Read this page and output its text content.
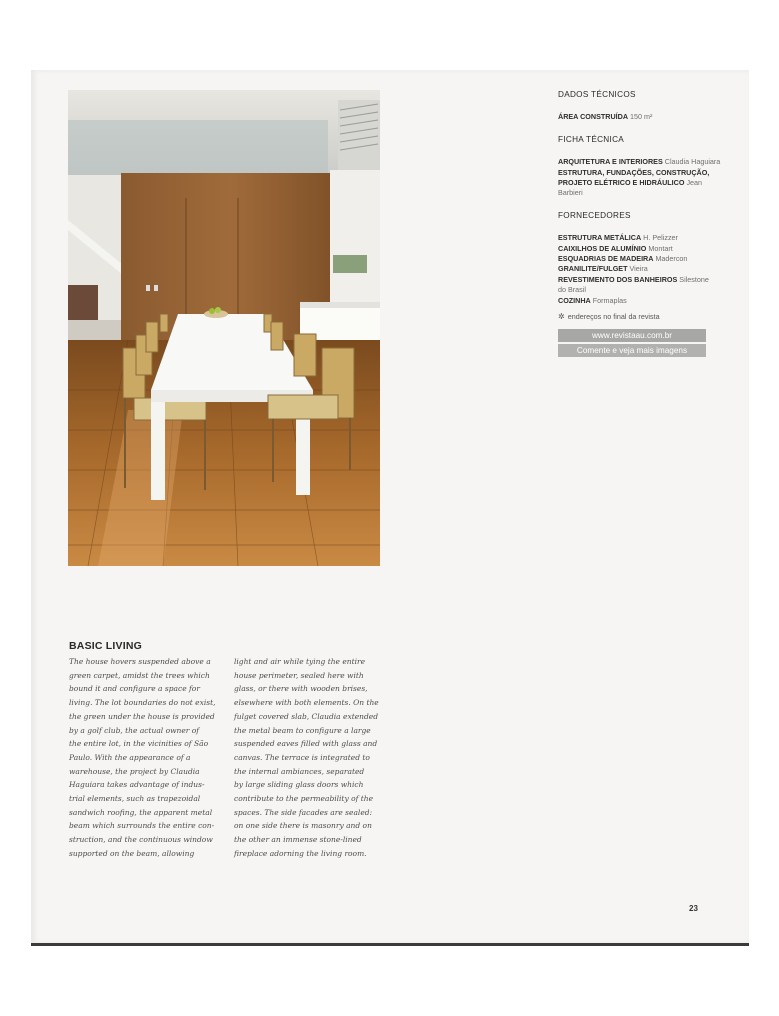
DADOS TÉCNICOS
ÁREA CONSTRUÍDA 150 m²
FICHA TÉCNICA
ARQUITETURA E INTERIORES Claudia Haguiara
ESTRUTURA, FUNDAÇÕES, CONSTRUÇÃO,
PROJETO ELÉTRICO E HIDRÁULICO Jean
Barbieri
FORNECEDORES
ESTRUTURA METÁLICA H. Pelizzer
CAIXILHOS DE ALUMÍNIO Montart
ESQUADRIAS DE MADEIRA Madercon
GRANILITE/FULGET Vieira
REVESTIMENTO DOS BANHEIROS Silestone
do Brasil
COZINHA Formaplas
✲ endereços no final da revista
www.revistaau.com.br
Comente e veja mais imagens
BASIC LIVING
The house hovers suspended above a
green carpet, amidst the trees which
bound it and configure a space for
living. The lot boundaries do not exist,
the green under the house is provided
by a golf club, the actual owner of
the entire lot, in the vicinities of São
Paulo. With the appearance of a
warehouse, the project by Claudia
Haguiara takes advantage of indus-
trial elements, such as trapezoidal
sandwich roofing, the apparent metal
beam which surrounds the entire con-
struction, and the continuous window
supported on the beam, allowing
light and air while tying the entire
house perimeter, sealed here with
glass, or there with wooden brises,
elsewhere with both elements. On the
fulget covered slab, Claudia extended
the metal beam to configure a large
suspended eaves filled with glass and
canvas. The terrace is integrated to
the internal ambiances, separated
by large sliding glass doors which
contribute to the permeability of the
spaces. The side facades are sealed:
on one side there is masonry and on
the other an immense stone-lined
fireplace adorning the living room.
23
